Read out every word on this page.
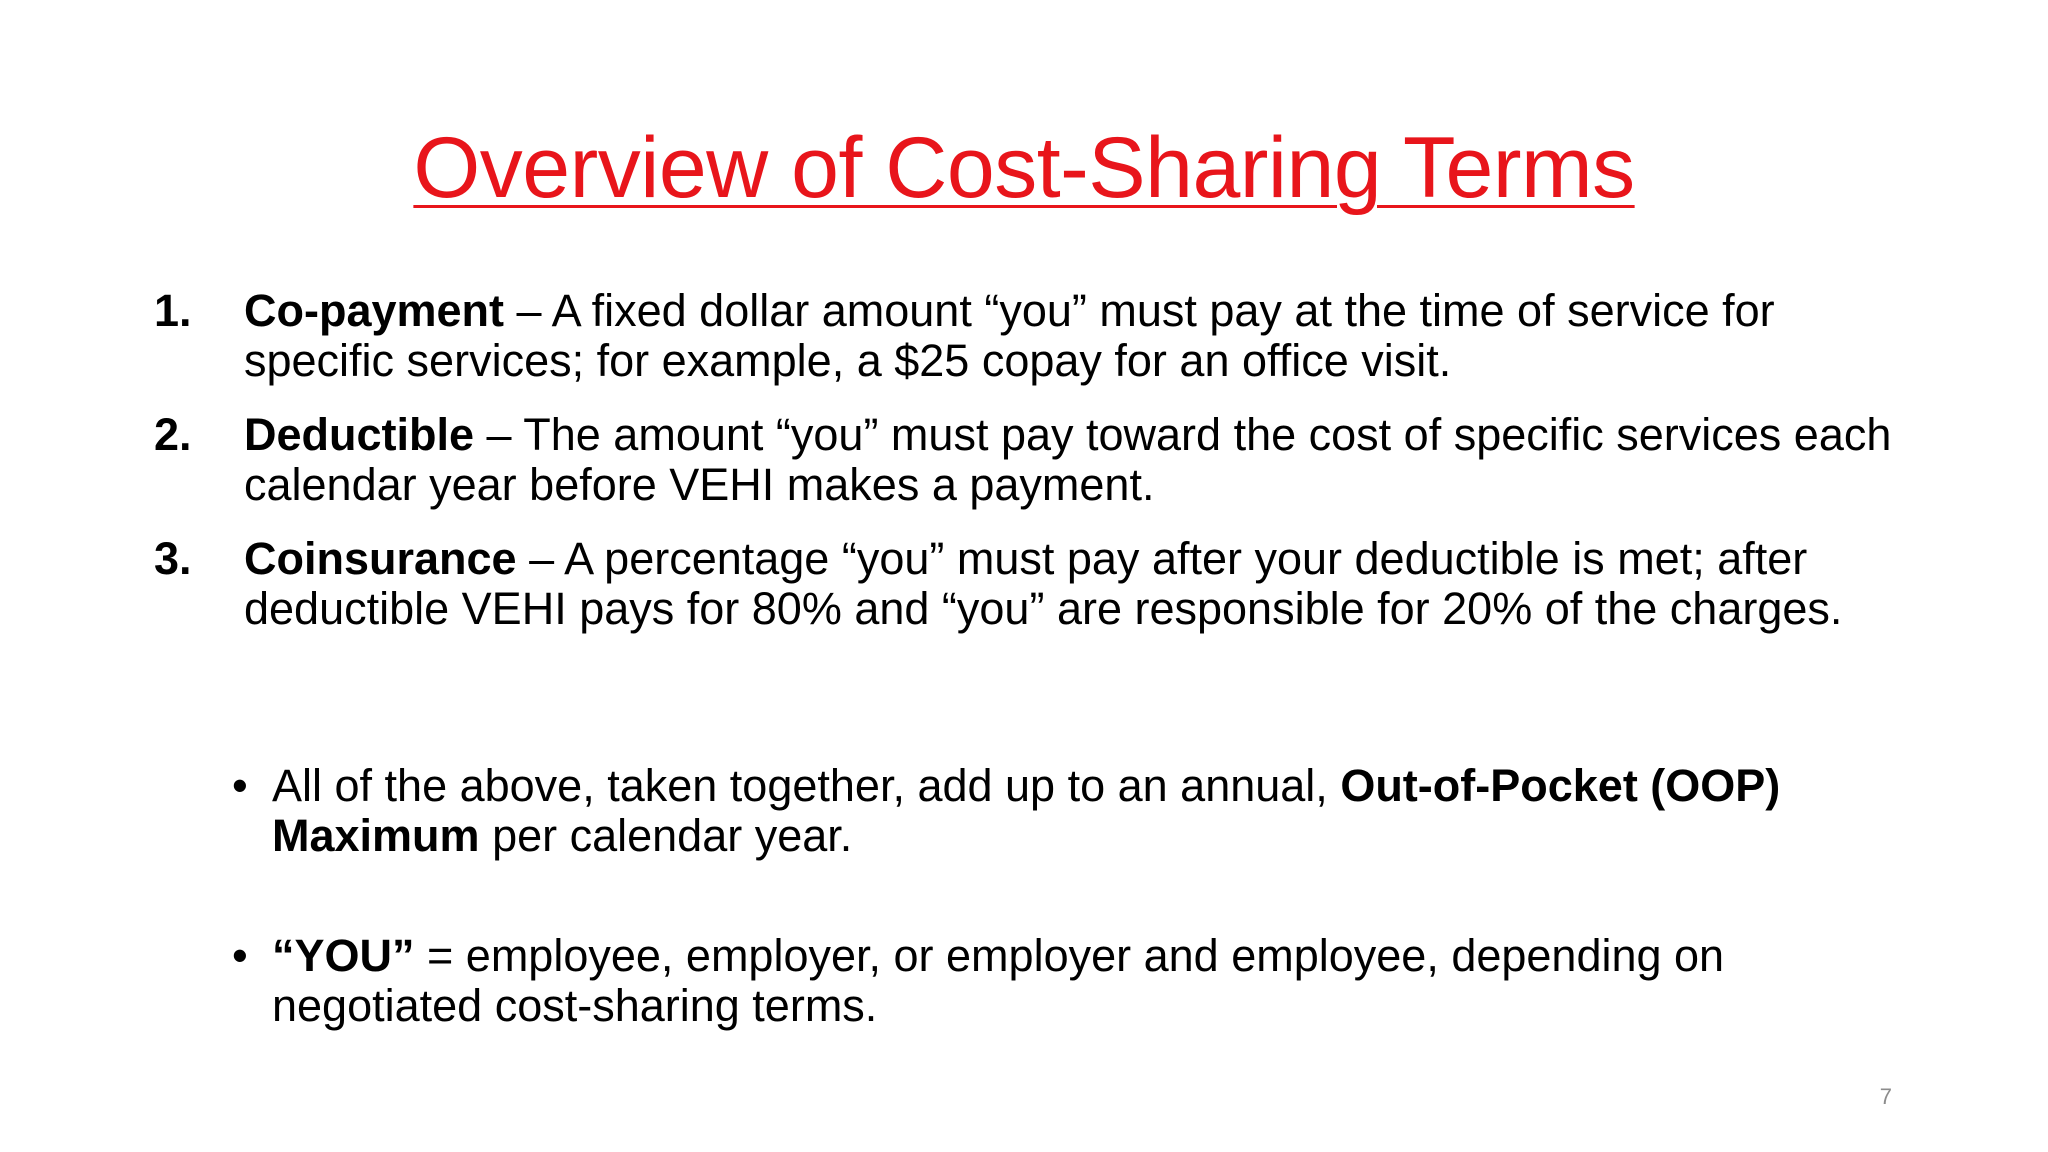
Overview of Cost-Sharing Terms
1. Co-payment – A fixed dollar amount “you” must pay at the time of service for specific services; for example, a $25 copay for an office visit.
2. Deductible – The amount “you” must pay toward the cost of specific services each calendar year before VEHI makes a payment.
3. Coinsurance – A percentage “you” must pay after your deductible is met; after deductible VEHI pays for 80% and “you” are responsible for 20% of the charges.
• All of the above, taken together, add up to an annual, Out-of-Pocket (OOP) Maximum per calendar year.
• “YOU” = employee, employer, or employer and employee, depending on negotiated cost-sharing terms.
7
